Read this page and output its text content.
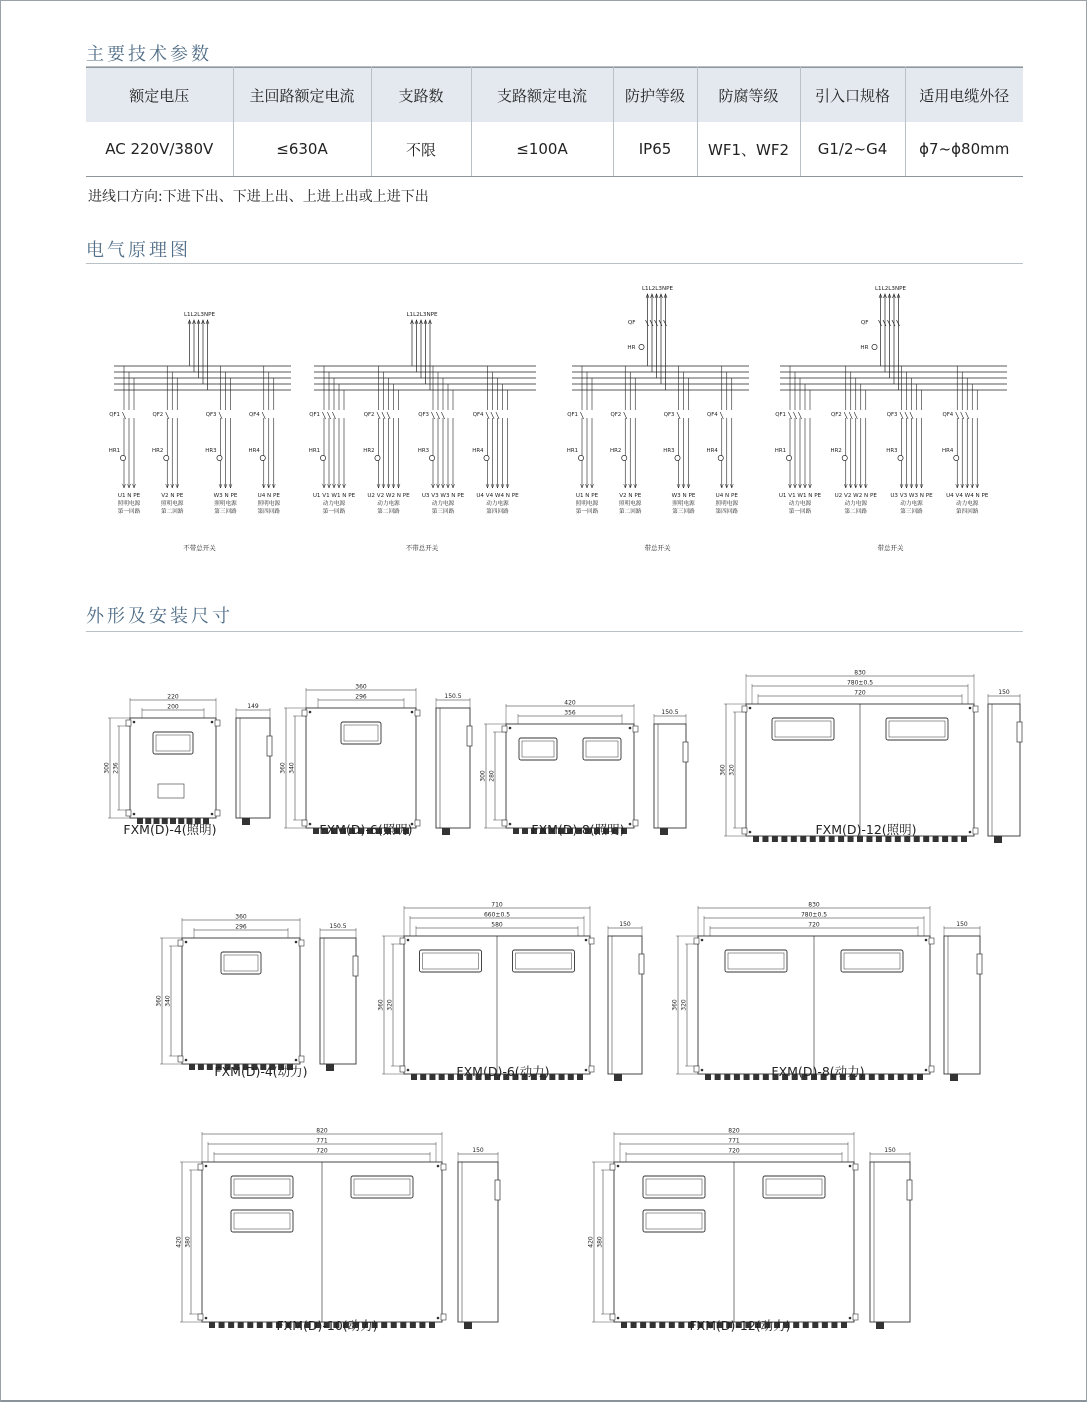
主要技术参数
额定电压	主回路额定电流	支路数	支路额定电流	防护等级	防腐等级	引入口规格	适用电缆外径
AC 220V/380V	≤630A	不限	≤100A	IP65	WF1、WF2	G1/2~G4	ϕ7~ϕ80mm
进线口方向:下进下出、下进上出、上进上出或上进下出
电气原理图
L1L2L3NPE
QF1
HR1
U1 N PE
照明电源
第一回路
QF2
HR2
V2 N PE
照明电源
第二回路
QF3
HR3
W3 N PE
照明电源
第三回路
QF4
HR4
U4 N PE
照明电源
第四回路
不带总开关
L1L2L3NPE
QF1
HR1
U1 V1 W1 N PE
动力电源
第一回路
QF2
HR2
U2 V2 W2 N PE
动力电源
第二回路
QF3
HR3
U3 V3 W3 N PE
动力电源
第三回路
QF4
HR4
U4 V4 W4 N PE
动力电源
第四回路
不带总开关
L1L2L3NPE
QF
HR
QF1
HR1
U1 N PE
照明电源
第一回路
QF2
HR2
V2 N PE
照明电源
第二回路
QF3
HR3
W3 N PE
照明电源
第三回路
QF4
HR4
U4 N PE
照明电源
第四回路
带总开关
L1L2L3NPE
QF
HR
QF1
HR1
U1 V1 W1 N PE
动力电源
第一回路
QF2
HR2
U2 V2 W2 N PE
动力电源
第二回路
QF3
HR3
U3 V3 W3 N PE
动力电源
第三回路
QF4
HR4
U4 V4 W4 N PE
动力电源
第四回路
带总开关
外形及安装尺寸
220
200
300 236
149
FXM(D)-4(照明)
360
296
360 340
150.5
FXM(D)-6(照明)
420
356
300 280
150.5
FXM(D)-8(照明)
830
780±0.5
720
360 320
150
FXM(D)-12(照明)
360
296
360 340
150.5
FXM(D)-4(动力)
710
660±0.5
580
360 320
150
FXM(D)-6(动力)
830
780±0.5
720
360 320
150
FXM(D)-8(动力)
820
771
720
420 380
150
FXM(D)-10(动力)
820
771
720
420 380
150
FXM(D)-12(动力)
